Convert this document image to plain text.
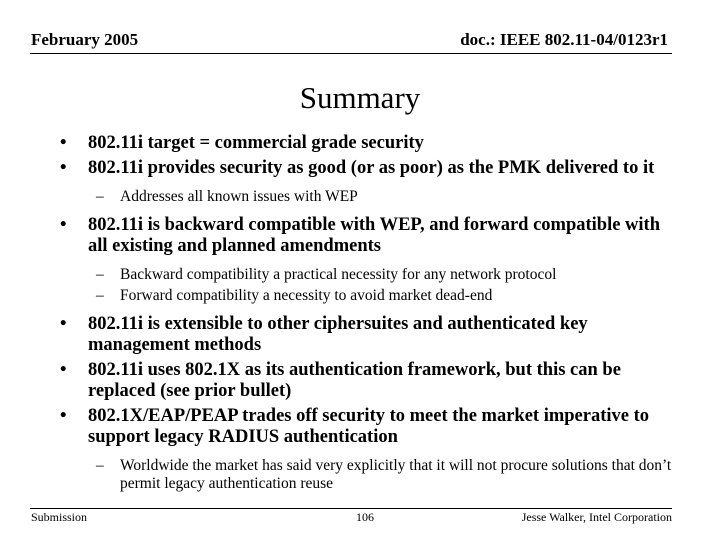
February 2005	doc.: IEEE 802.11-04/0123r1
Summary
• 802.11i target = commercial grade security
• 802.11i provides security as good (or as poor) as the PMK delivered to it
– Addresses all known issues with WEP
• 802.11i is backward compatible with WEP, and forward compatible with all existing and planned amendments
– Backward compatibility a practical necessity for any network protocol
– Forward compatibility a necessity to avoid market dead-end
• 802.11i is extensible to other ciphersuites and authenticated key management methods
• 802.11i uses 802.1X as its authentication framework, but this can be replaced (see prior bullet)
• 802.1X/EAP/PEAP trades off security to meet the market imperative to support legacy RADIUS authentication
– Worldwide the market has said very explicitly that it will not procure solutions that don’t permit legacy authentication reuse
Submission	106	Jesse Walker, Intel Corporation
